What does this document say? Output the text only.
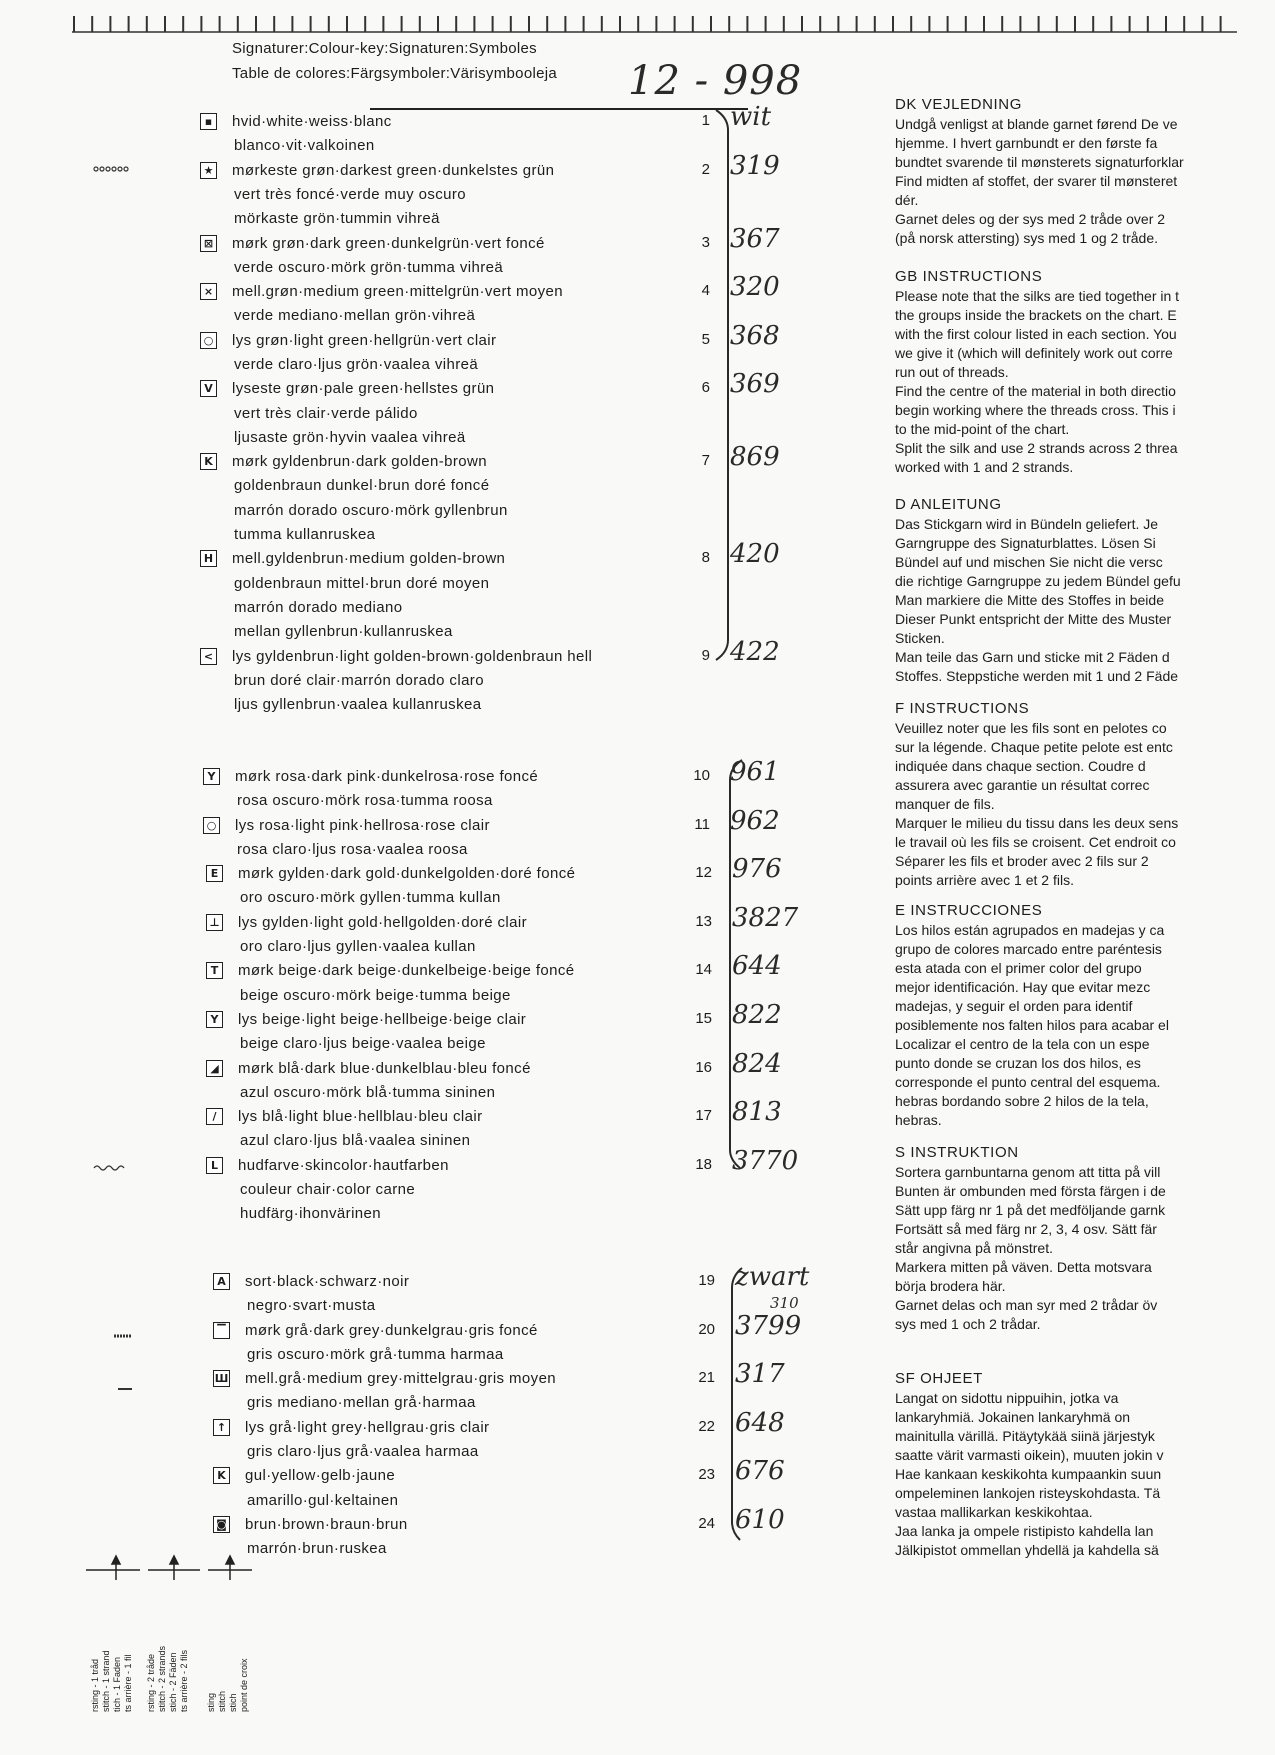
Signaturer:Colour-key:Signaturen:Symboles
Table de colores:Färgsymboler:Värisymbooleja 12 - 998
▪	hvid·white·weiss·blanc
blanco·vit·valkoinen
1 wit
★ mørkeste grøn·darkest green·dunkelstes grün
vert très foncé·verde muy oscuro
mörkaste grön·tummin vihreä
2 319
⊠ mørk grøn·dark green·dunkelgrün·vert foncé
verde oscuro·mörk grön·tumma vihreä
3 367
× mell.grøn·medium green·mittelgrün·vert moyen
verde mediano·mellan grön·vihreä
4 320
○ lys grøn·light green·hellgrün·vert clair
verde claro·ljus grön·vaalea vihreä
5 368
V lyseste grøn·pale green·hellstes grün
vert très clair·verde pálido
ljusaste grön·hyvin vaalea vihreä
6 369
K mørk gyldenbrun·dark golden-brown
goldenbraun dunkel·brun doré foncé
marrón dorado oscuro·mörk gyllenbrun
tumma kullanruskea
7 869
H mell.gyldenbrun·medium golden-brown
goldenbraun mittel·brun doré moyen
marrón dorado mediano
mellan gyllenbrun·kullanruskea
8 420
< lys gyldenbrun·light golden-brown·goldenbraun hell
brun doré clair·marrón dorado claro
ljus gyllenbrun·vaalea kullanruskea
9 422
Y	mørk rosa·dark pink·dunkelrosa·rose foncé
rosa oscuro·mörk rosa·tumma roosa
10 961
○ lys rosa·light pink·hellrosa·rose clair
rosa claro·ljus rosa·vaalea roosa
11 962
E	mørk gylden·dark gold·dunkelgolden·doré foncé
oro oscuro·mörk gyllen·tumma kullan
12 976
⊥ lys gylden·light gold·hellgolden·doré clair
oro claro·ljus gyllen·vaalea kullan
13 3827
T	mørk beige·dark beige·dunkelbeige·beige foncé
beige oscuro·mörk beige·tumma beige
14 644
Y	lys beige·light beige·hellbeige·beige clair
beige claro·ljus beige·vaalea beige
15 822
◢ mørk blå·dark blue·dunkelblau·bleu foncé
azul oscuro·mörk blå·tumma sininen
16 824
/	lys blå·light blue·hellblau·bleu clair
azul claro·ljus blå·vaalea sininen
17 813
L	hudfarve·skincolor·hautfarben
couleur chair·color carne
hudfärg·ihonvärinen
18 3770
A sort·black·schwarz·noir
negro·svart·musta
19 zwart
310
▔ mørk grå·dark grey·dunkelgrau·gris foncé
gris oscuro·mörk grå·tumma harmaa
20 3799
Ш mell.grå·medium grey·mittelgrau·gris moyen
gris mediano·mellan grå·harmaa
21 317
↑ lys grå·light grey·hellgrau·gris clair
gris claro·ljus grå·vaalea harmaa
22 648
K gul·yellow·gelb·jaune
amarillo·gul·keltainen
23 676
◙ brun·brown·braun·brun
marrón·brun·ruskea
24 610
DK VEJLEDNING

Undgå venligst at blande garnet førend De ve
hjemme. I hvert garnbundt er den første fa
bundtet svarende til mønsterets signaturforklar
Find midten af stoffet, der svarer til mønsteret
dér.
Garnet deles og der sys med 2 tråde over 2
(på norsk attersting) sys med 1 og 2 tråde.

GB INSTRUCTIONS

Please note that the silks are tied together in t
the groups inside the brackets on the chart. E
with the first colour listed in each section. You
we give it (which will definitely work out corre
run out of threads.
Find the centre of the material in both directio
begin working where the threads cross. This i
to the mid-point of the chart.
Split the silk and use 2 strands across 2 threa
worked with 1 and 2 strands.

D ANLEITUNG

Das Stickgarn wird in Bündeln geliefert. Je
Garngruppe des Signaturblattes. Lösen Si
Bündel auf und mischen Sie nicht die versc
die richtige Garngruppe zu jedem Bündel gefu
Man markiere die Mitte des Stoffes in beide
Dieser Punkt entspricht der Mitte des Muster
Sticken.
Man teile das Garn und sticke mit 2 Fäden d
Stoffes. Steppstiche werden mit 1 und 2 Fäde

F INSTRUCTIONS

Veuillez noter que les fils sont en pelotes co
sur la légende. Chaque petite pelote est entc
indiquée dans chaque section. Coudre d
assurera avec garantie un résultat correc
manquer de fils.
Marquer le milieu du tissu dans les deux sens
le travail où les fils se croisent. Cet endroit co
Séparer les fils et broder avec 2 fils sur 2
points arrière avec 1 et 2 fils.

E INSTRUCCIONES

Los hilos están agrupados en madejas y ca
grupo de colores marcado entre paréntesis
esta atada con el primer color del grupo
mejor identificación. Hay que evitar mezc
madejas, y seguir el orden para identif
posiblemente nos falten hilos para acabar el
Localizar el centro de la tela con un espe
punto donde se cruzan los dos hilos, es
corresponde el punto central del esquema.
hebras bordando sobre 2 hilos de la tela,
hebras.

S INSTRUKTION

Sortera garnbuntarna genom att titta på vill
Bunten är ombunden med första färgen i de
Sätt upp färg nr 1 på det medföljande garnk
Fortsätt så med färg nr 2, 3, 4 osv. Sätt fär
står angivna på mönstret.
Markera mitten på väven. Detta motsvara
börja brodera här.
Garnet delas och man syr med 2 trådar öv
sys med 1 och 2 trådar.

SF OHJEET

Langat on sidottu nippuihin, jotka va
lankaryhmiä. Jokainen lankaryhmä on
mainitulla värillä. Pitäytykää siinä järjestyk
saatte värit varmasti oikein), muuten jokin v
Hae kankaan keskikohta kumpaankin suun
ompeleminen lankojen risteyskohdasta. Tä
vastaa mallikarkan keskikohtaa.
Jaa lanka ja ompele ristipisto kahdella lan
Jälkipistot ommellan yhdellä ja kahdella sä

rsting - 1 tråd stitch - 1 strand tich - 1 Faden ts arrière - 1 fil rsting - 2 tråde stitch - 2 strands stich - 2 Fäden ts arrière - 2 fils sting stitch stich point de croix
